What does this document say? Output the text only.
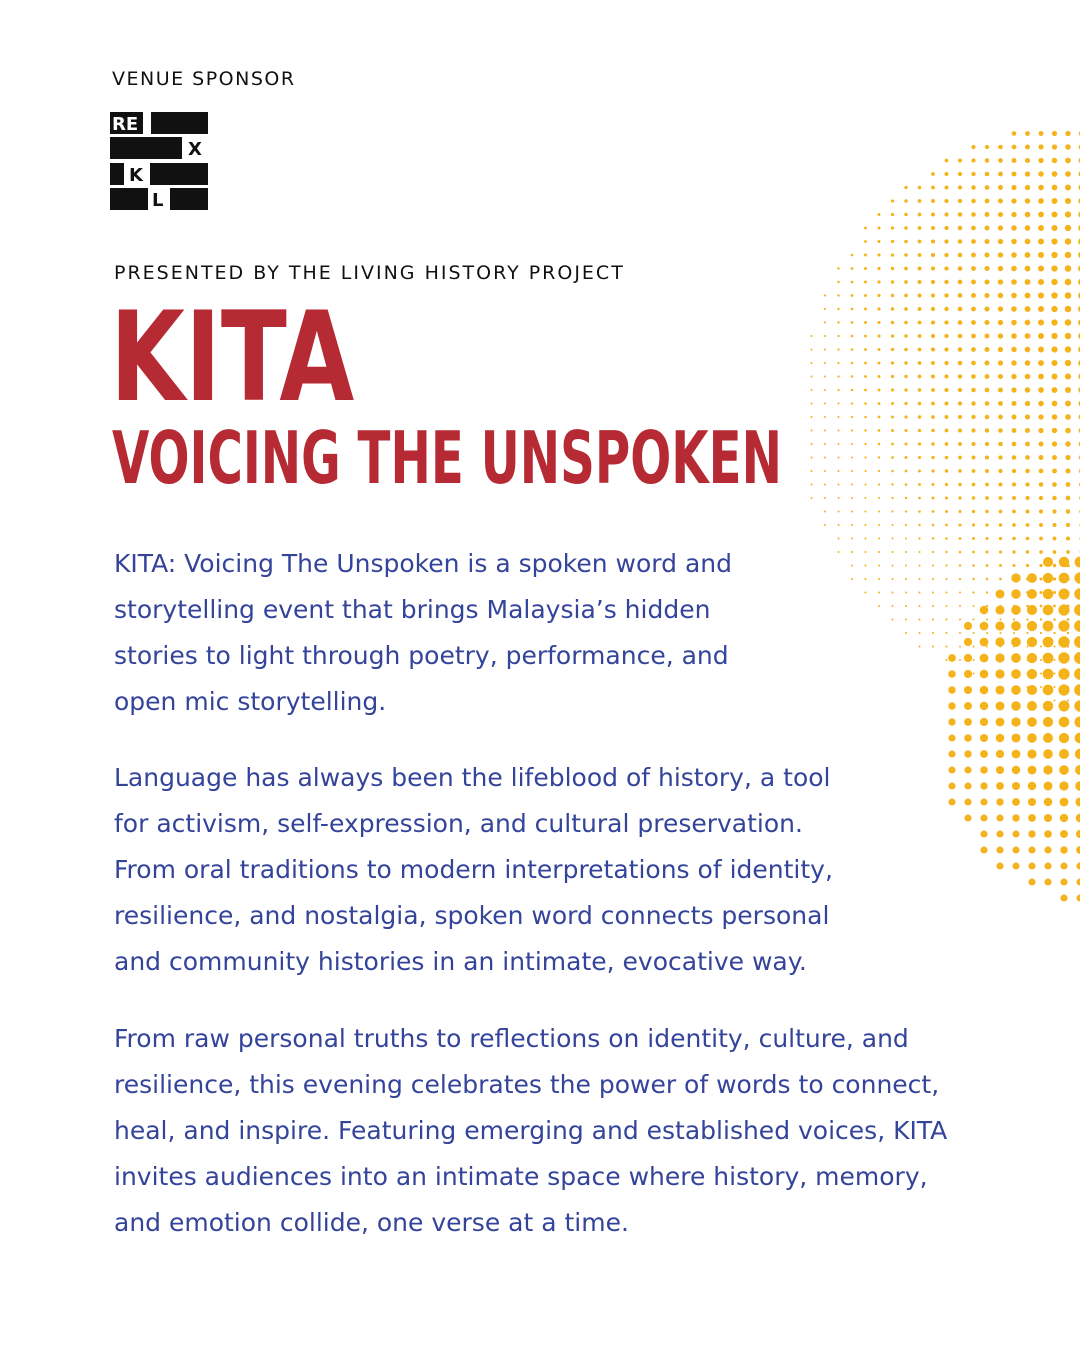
VENUE SPONSOR
RE
X
K
L
PRESENTED BY THE LIVING HISTORY PROJECT
KITA
VOICING THE UNSPOKEN
KITA: Voicing The Unspoken is a spoken word and
storytelling event that brings Malaysia’s hidden
stories to light through poetry, performance, and
open mic storytelling.
Language has always been the lifeblood of history, a tool
for activism, self-expression, and cultural preservation.
From oral traditions to modern interpretations of identity,
resilience, and nostalgia, spoken word connects personal
and community histories in an intimate, evocative way.
From raw personal truths to reflections on identity, culture, and
resilience, this evening celebrates the power of words to connect,
heal, and inspire. Featuring emerging and established voices, KITA
invites audiences into an intimate space where history, memory,
and emotion collide, one verse at a time.
